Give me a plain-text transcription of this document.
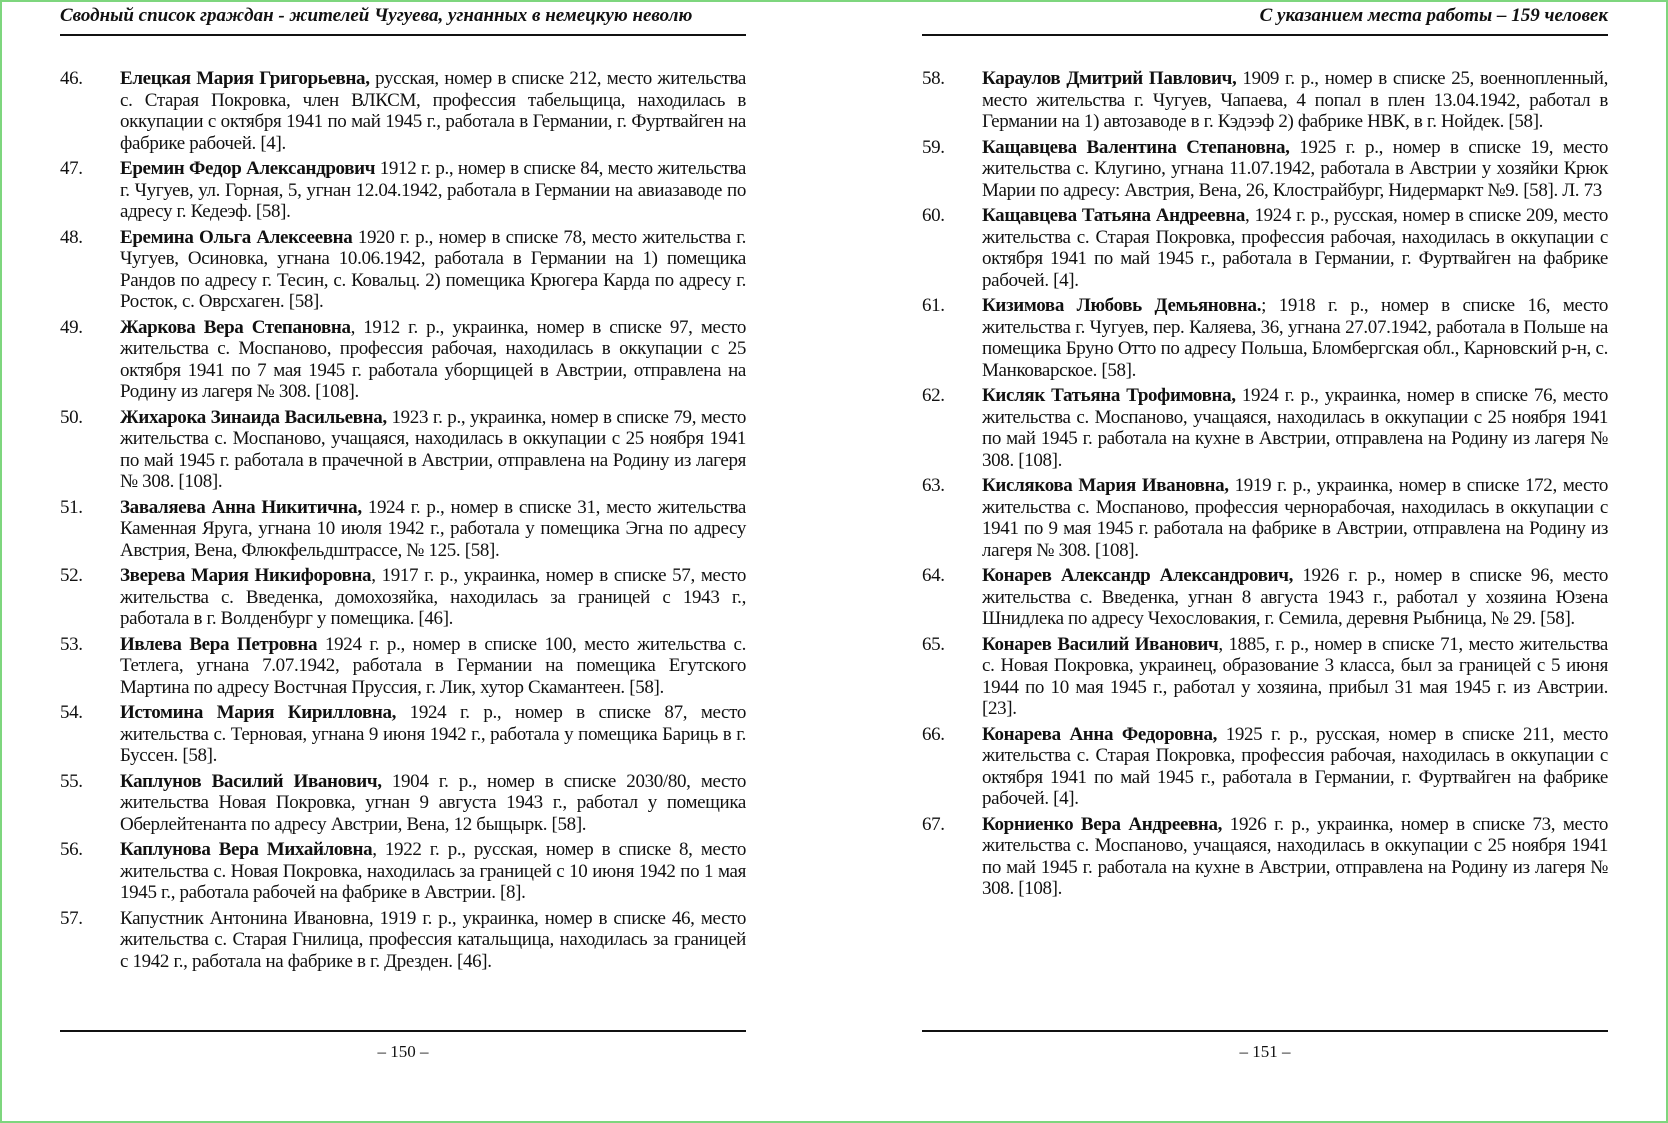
Сводный список граждан - жителей Чугуева, угнанных в немецкую неволю
46.	Елецкая Мария Григорьевна, русская, номер в списке 212, место жительства с. Старая Покровка, член ВЛКСМ, профессия табельщица, находилась в оккупации с октября 1941 по май 1945 г., работала в Германии, г. Фуртвайген на фабрике рабочей. [4].
47.	Еремин Федор Александрович 1912 г. р., номер в списке 84, место жительства г. Чугуев, ул. Горная, 5, угнан 12.04.1942, работала в Германии на авиазаводе по адресу г. Кедеэф. [58].
48.	Еремина Ольга Алексеевна 1920 г. р., номер в списке 78, место жительства г. Чугуев, Осиновка, угнана 10.06.1942, работала в Германии на 1) помещика Рандов по адресу г. Тесин, с. Ковальц. 2) помещика Крюгера Карда по адресу г. Росток, с. Оврсхаген. [58].
49.	Жаркова Вера Степановна, 1912 г. р., украинка, номер в списке 97, место жительства с. Моспаново, профессия рабочая, находилась в оккупации с 25 октября 1941 по 7 мая 1945 г. работала уборщицей в Австрии, отправлена на Родину из лагеря № 308. [108].
50.	Жихарока Зинаида Васильевна, 1923 г. р., украинка, номер в списке 79, место жительства с. Моспаново, учащаяся, находилась в оккупации с 25 ноября 1941 по май 1945 г. работала в прачечной в Австрии, отправлена на Родину из лагеря № 308. [108].
51.	Заваляева Анна Никитична, 1924 г. р., номер в списке 31, место жительства Каменная Яруга, угнана 10 июля 1942 г., работала у помещика Эгна по адресу Австрия, Вена, Флюкфельдштрассе, № 125. [58].
52.	Зверева Мария Никифоровна, 1917 г. р., украинка, номер в списке 57, место жительства с. Введенка, домохозяйка, находилась за границей с 1943 г., работала в г. Волденбург у помещика. [46].
53.	Ивлева Вера Петровна 1924 г. р., номер в списке 100, место жительства с. Тетлега, угнана 7.07.1942, работала в Германии на помещика Егутского Мартина по адресу Востчная Пруссия, г. Лик, хутор Скамантеен. [58].
54.	Истомина Мария Кирилловна, 1924 г. р., номер в списке 87, место жительства с. Терновая, угнана 9 июня 1942 г., работала у помещика Бариць в г. Буссен. [58].
55.	Каплунов Василий Иванович, 1904 г. р., номер в списке 2030/80, место жительства Новая Покровка, угнан 9 августа 1943 г., работал у помещика Оберлейтенанта по адресу Австрии, Вена, 12 быщырк. [58].
56.	Каплунова Вера Михайловна, 1922 г. р., русская, номер в списке 8, место жительства с. Новая Покровка, находилась за границей с 10 июня 1942 по 1 мая 1945 г., работала рабочей на фабрике в Австрии. [8].
57.	Капустник Антонина Ивановна, 1919 г. р., украинка, номер в списке 46, место жительства с. Старая Гнилица, профессия катальщица, находилась за границей с 1942 г., работала на фабрике в г. Дрезден. [46].
– 150 –
С указанием места работы – 159 человек
58.	Караулов Дмитрий Павлович, 1909 г. р., номер в списке 25, военнопленный, место жительства г. Чугуев, Чапаева, 4 попал в плен 13.04.1942, работал в Германии на 1) автозаводе в г. Кэдээф 2) фабрике НВК, в г. Нойдек. [58].
59.	Кащавцева Валентина Степановна, 1925 г. р., номер в списке 19, место жительства с. Клугино, угнана 11.07.1942, работала в Австрии у хозяйки Крюк Марии по адресу: Австрия, Вена, 26, Клострайбург, Нидермаркт №9. [58]. Л. 73
60.	Кащавцева Татьяна Андреевна, 1924 г. р., русская, номер в списке 209, место жительства с. Старая Покровка, профессия рабочая, находилась в оккупации с октября 1941 по май 1945 г., работала в Германии, г. Фуртвайген на фабрике рабочей. [4].
61.	Кизимова Любовь Демьяновна.; 1918 г. р., номер в списке 16, место жительства г. Чугуев, пер. Каляева, 36, угнана 27.07.1942, работала в Польше на помещика Бруно Отто по адресу Польша, Бломбергская обл., Карновский р-н, с. Манковарское. [58].
62.	Кисляк Татьяна Трофимовна, 1924 г. р., украинка, номер в списке 76, место жительства с. Моспаново, учащаяся, находилась в оккупации с 25 ноября 1941 по май 1945 г. работала на кухне в Австрии, отправлена на Родину из лагеря № 308. [108].
63.	Кислякова Мария Ивановна, 1919 г. р., украинка, номер в списке 172, место жительства с. Моспаново, профессия чернорабочая, находилась в оккупации с 1941 по 9 мая 1945 г. работала на фабрике в Австрии, отправлена на Родину из лагеря № 308. [108].
64.	Конарев Александр Александрович, 1926 г. р., номер в списке 96, место жительства с. Введенка, угнан 8 августа 1943 г., работал у хозяина Юзена Шнидлека по адресу Чехословакия, г. Семила, деревня Рыбница, № 29. [58].
65.	Конарев Василий Иванович, 1885, г. р., номер в списке 71, место жительства с. Новая Покровка, украинец, образование 3 класса, был за границей с 5 июня 1944 по 10 мая 1945 г., работал у хозяина, прибыл 31 мая 1945 г. из Австрии. [23].
66.	Конарева Анна Федоровна, 1925 г. р., русская, номер в списке 211, место жительства с. Старая Покровка, профессия рабочая, находилась в оккупации с октября 1941 по май 1945 г., работала в Германии, г. Фуртвайген на фабрике рабочей. [4].
67.	Корниенко Вера Андреевна, 1926 г. р., украинка, номер в списке 73, место жительства с. Моспаново, учащаяся, находилась в оккупации с 25 ноября 1941 по май 1945 г. работала на кухне в Австрии, отправлена на Родину из лагеря № 308. [108].
– 151 –
